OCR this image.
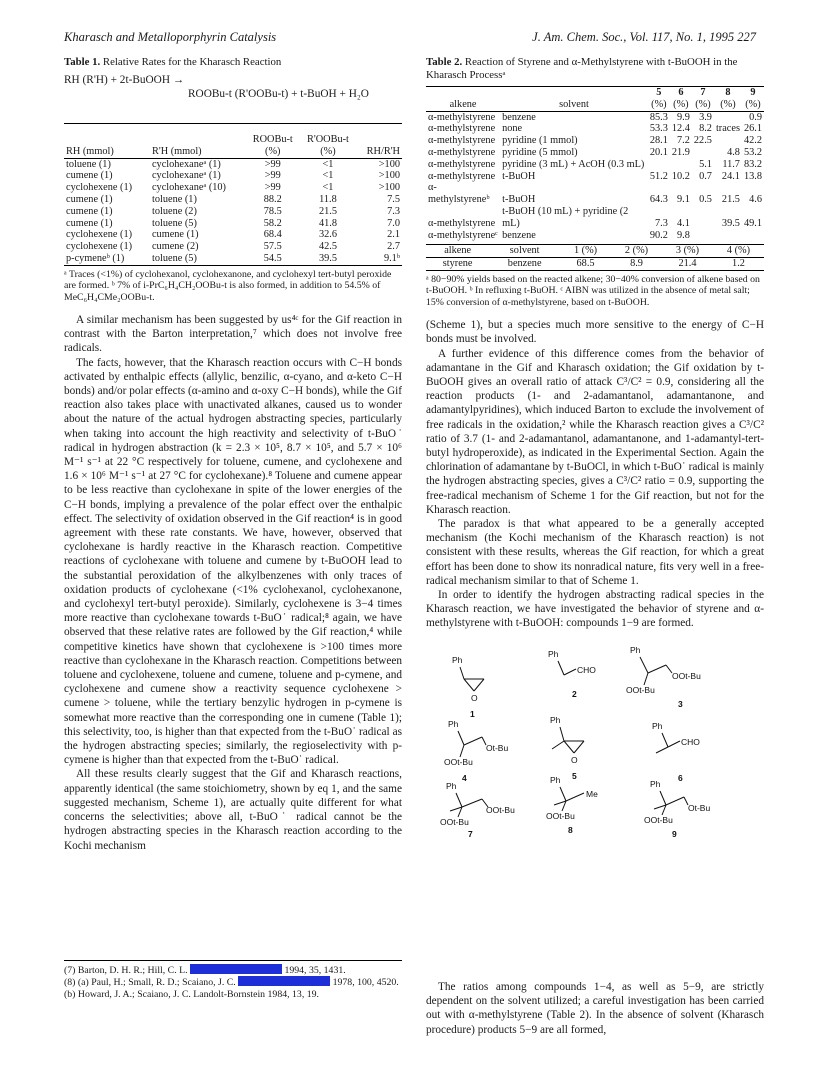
Kharasch and Metalloporphyrin Catalysis	J. Am. Chem. Soc., Vol. 117, No. 1, 1995 227
Table 1. Relative Rates for the Kharasch Reaction
RH (R'H) + 2t-BuOOH →
ROOBu-t (R'OOBu-t) + t-BuOH + H₂O
		ROOBu-t	R'OOBu-t	
RH (mmol)	R'H (mmol)	(%)	(%)	RH/R'H
toluene (1)	cyclohexaneᵃ (1)	>99	<1	>100
cumene (1)	cyclohexaneᵃ (1)	>99	<1	>100
cyclohexene (1)	cyclohexaneᵃ (10)	>99	<1	>100
cumene (1)	toluene (1)	88.2	11.8	7.5
cumene (1)	toluene (2)	78.5	21.5	7.3
cumene (1)	toluene (5)	58.2	41.8	7.0
cyclohexene (1)	cumene (1)	68.4	32.6	2.1
cyclohexene (1)	cumene (2)	57.5	42.5	2.7
p-cymeneᵇ (1)	toluene (5)	54.5	39.5	9.1ᵇ
ᵃ Traces (<1%) of cyclohexanol, cyclohexanone, and cyclohexyl tert-butyl peroxide are formed. ᵇ 7% of i-PrC₆H₄CH₂OOBu-t is also formed, in addition to 54.5% of MeC₆H₄CMe₂OOBu-t.

A similar mechanism has been suggested by us⁴ᶜ for the Gif reaction in contrast with the Barton interpretation,⁷ which does not involve free radicals.

The facts, however, that the Kharasch reaction occurs with C−H bonds activated by enthalpic effects (allylic, benzilic, α-cyano, and α-keto C−H bonds) and/or polar effects (α-amino and α-oxy C−H bonds), while the Gif reaction also takes place with unactivated alkanes, caused us to wonder about the nature of the actual hydrogen abstracting species, particularly when taking into account the high reactivity and selectivity of t-BuO˙ radical in hydrogen abstraction (k = 2.3 × 10⁵, 8.7 × 10⁵, and 5.7 × 10⁶ M⁻¹ s⁻¹ at 22 °C respectively for toluene, cumene, and cyclohexene and 1.6 × 10⁶ M⁻¹ s⁻¹ at 27 °C for cyclohexane).⁸ Toluene and cumene appear to be less reactive than cyclohexane in spite of the lower energies of the C−H bonds, implying a prevalence of the polar effect over the enthalpic effect. The selectivity of oxidation observed in the Gif reaction⁴ is in good agreement with these rate constants. We have, however, observed that cyclohexane is hardly reactive in the Kharasch reaction. Competitive reactions of cyclohexane with toluene and cumene by t-BuOOH lead to the substantial peroxidation of the alkylbenzenes with only traces of oxidation products of cyclohexane (<1% cyclohexanol, cyclohexanone, and cyclohexyl tert-butyl peroxide). Similarly, cyclohexene is 3−4 times more reactive than cyclohexane towards t-BuO˙ radical;⁸ again, we have observed that these relative rates are followed by the Gif reaction,⁴ while competitive kinetics have shown that cyclohexene is >100 times more reactive than cyclohexane in the Kharasch reaction. Competitions between toluene and cyclohexene, toluene and cumene, toluene and p-cymene, and cyclohexene and cumene show a reactivity sequence cyclohexene > cumene > toluene, while the tertiary benzylic hydrogen in p-cymene is somewhat more reactive than the corresponding one in cumene (Table 1); this selectivity, too, is higher than that expected from the t-BuO˙ radical as the hydrogen abstracting species; similarly, the regioselectivity with p-cymene is higher than that expected from the t-BuO˙ radical.

All these results clearly suggest that the Gif and Kharasch reactions, apparently identical (the same stoichiometry, shown by eq 1, and the same suggested mechanism, Scheme 1), are actually quite different for what concerns the selectivities; above all, t-BuO˙ radical cannot be the hydrogen abstracting species in the Kharasch reaction according to the Kochi mechanism

(7) Barton, D. H. R.; Hill, C. L.	1994, 35, 1431.
(8) (a) Paul, H.; Small, R. D.; Scaiano, J. C.	1978, 100, 4520. (b) Howard, J. A.; Scaiano, J. C. Landolt-Bornstein 1984, 13, 19.
Table 2. Reaction of Styrene and α-Methylstyrene with t-BuOOH in the Kharasch Processᵃ
		5	6	7	8	9
alkene	solvent	(%)	(%)	(%)	(%)	(%)
α-methylstyrene	benzene	85.3	9.9	3.9		0.9
α-methylstyrene	none	53.3	12.4	8.2	traces	26.1
α-methylstyrene	pyridine (1 mmol)	28.1	7.2	22.5		42.2
α-methylstyrene	pyridine (5 mmol)	20.1	21.9		4.8	53.2
α-methylstyrene	pyridine (3 mL) + AcOH (0.3 mL)			5.1	11.7	83.2
α-methylstyrene	t-BuOH	51.2	10.2	0.7	24.1	13.8
α-methylstyreneᵇ	t-BuOH	64.3	9.1	0.5	21.5	4.6
α-methylstyrene	t-BuOH (10 mL) + pyridine (2 mL)	7.3	4.1		39.5	49.1
α-methylstyreneᶜ	benzene	90.2	9.8			
alkene	solvent	1 (%)	2 (%)	3 (%)	4 (%)
styrene	benzene	68.5	8.9	21.4	1.2
ᵃ 80−90% yields based on the reacted alkene; 30−40% conversion of alkene based on t-BuOOH. ᵇ In refluxing t-BuOH. ᶜ AIBN was utilized in the absence of metal salt; 15% conversion of α-methylstyrene, based on t-BuOOH.

(Scheme 1), but a species much more sensitive to the energy of C−H bonds must be involved.

A further evidence of this difference comes from the behavior of adamantane in the Gif and Kharasch oxidation; the Gif oxidation by t-BuOOH gives an overall ratio of attack C³/C² = 0.9, considering all the reaction products (1- and 2-adamantanol, adamantanone, and adamantylpyridines), which induced Barton to exclude the involvement of free radicals in the oxidation,² while the Kharasch reaction gives a C³/C² ratio of 3.7 (1- and 2-adamantanol, adamantanone, and 1-adamantyl-tert-butyl hydroperoxide), as indicated in the Experimental Section. Again the chlorination of adamantane by t-BuOCl, in which t-BuO˙ radical is mainly the hydrogen abstracting species, gives a C³/C² ratio = 0.9, supporting the free-radical mechanism of Scheme 1 for the Gif reaction, but not for the Kharasch reaction.

The paradox is that what appeared to be a generally accepted mechanism (the Kochi mechanism of the Kharasch reaction) is not consistent with these results, whereas the Gif reaction, for which a great effort has been done to show its nonradical nature, fits very well in a free-radical mechanism similar to that of Scheme 1.

In order to identify the hydrogen abstracting radical species in the Kharasch reaction, we have investigated the behavior of styrene and α-methylstyrene with t-BuOOH: compounds 1−9 are formed.

Ph
O
1
Ph
CHO
2
Ph
OOt-Bu
OOt-Bu
3
Ph
Ot-Bu
OOt-Bu
4
Ph
O
5
Ph
CHO
6
Ph
OOt-Bu
OOt-Bu
7
Ph
Me
OOt-Bu
8
Ph
Ot-Bu
OOt-Bu
9

The ratios among compounds 1−4, as well as 5−9, are strictly dependent on the solvent utilized; a careful investigation has been carried out with α-methylstyrene (Table 2). In the absence of solvent (Kharasch procedure) products 5−9 are all formed,
